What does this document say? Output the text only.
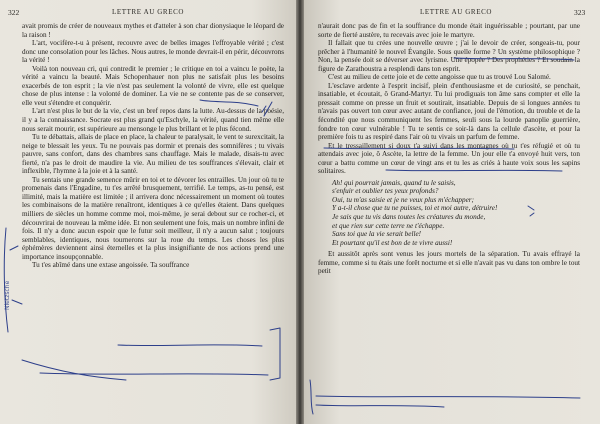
322	LETTRE AU GRECO

avait promis de créer de nouveaux mythes et d'atteler à son char dionysiaque le léopard de la raison !

L'art, vocifère-t-u à présent, recouvre avec de belles images l'effroyable vérité ; c'est donc une consolation pour les lâches. Nous autres, le monde devrait-il en périr, découvrons la vérité !

Voilà ton nouveau cri, qui contredit le premier ; le critique en toi a vaincu le poète, la vérité a vaincu la beauté. Mais Schopenhauer non plus ne satisfait plus les besoins exacerbés de ton esprit ; la vie n'est pas seulement la volonté de vivre, elle est quelque chose de plus intense : la volonté de dominer. La vie ne se contente pas de se conserver, elle veut s'étendre et conquérir.

L'art n'est plus le but de la vie, c'est un bref repos dans la lutte. Au-dessus de la poésie, il y a la connaissance. Socrate est plus grand qu'Eschyle, la vérité, quand tien même elle nous serait mourir, est supérieure au mensonge le plus brillant et le plus fécond.

Tu te débattais, allais de place en place, la chaleur te paralysait, le vent te surexcitait, la neige te blessait les yeux. Tu ne pouvais pas dormir et prenais des somnifères ; tu vivais pauvre, sans confort, dans des chambres sans chauffage. Mais le malade, disais-tu avec fierté, n'a pas le droit de maudire la vie. Au milieu de tes souffrances s'élevait, clair et inflexible, l'hymne à la joie et à la santé.

Tu sentais une grande semence mûrir en toi et te dévorer les entrailles. Un jour où tu te promenais dans l'Engadine, tu t'es arrêté brusquement, terrifié. Le temps, as-tu pensé, est illimité, mais la matière est limitée ; il arrivera donc nécessairement un moment où toutes les combinaisons de la matière renaîtront, identiques à ce qu'elles étaient. Dans quelques milliers de siècles un homme comme moi, moi-même, je serai debout sur ce rocher-ci, et découvrirai de nouveau la même idée. Et non seulement une fois, mais un nombre infini de fois. Il n'y a donc aucun espoir que le futur soit meilleur, il n'y a aucun salut ; toujours semblables, identiques, nous tournerons sur la roue du temps. Les choses les plus éphémères deviennent ainsi éternelles et la plus insignifiante de nos actions prend une importance insoupçonnable.

Tu t'es abîmé dans une extase angoissée. Ta souffrance

Nietzsche
LETTRE AU GRECO	323

n'aurait donc pas de fin et la souffrance du monde était inguérissable ; pourtant, par une sorte de fierté austère, tu recevais avec joie le martyre.

Il fallait que tu crées une nouvelle œuvre ; j'ai le devoir de créer, songeais-tu, pour prêcher à l'humanité le nouvel Évangile. Sous quelle forme ? Un système philosophique ? Non, la pensée doit se déverser avec lyrisme. Une épopée ? Des prophéties ? Et soudain la figure de Zarathoustra a resplendi dans ton esprit.

C'est au milieu de cette joie et de cette angoisse que tu as trouvé Lou Salomé.

L'esclave ardente à l'esprit incisif, plein d'enthousiasme et de curiosité, se penchait, insatiable, et écoutait, ô Grand-Martyr. Tu lui prodiguais ton âme sans compter et elle la pressait comme on presse un fruit et soutirait, insatiable. Depuis de si longues années tu n'avais pas ouvert ton cœur avec autant de confiance, joui de l'émotion, du trouble et de la fécondité que nous communiquent les femmes, seuli sous la lourde panoplie guerrière, fondre ton cœur vulnérable ! Tu te sentis ce soir-là dans la cellule d'ascète, et pour la première fois tu as respiré dans l'air où tu vivais un parfum de femme.

Et le tressaillement si doux t'a suivi dans les montagnes où tu t'es réfugié et où tu attendais avec joie, ô Ascète, la lettre de la femme. Un jour elle t'a envoyé huit vers, ton cœur a battu comme un cœur de vingt ans et tu les as criés à haute voix sous les sapins solitaires.

Ah! qui pourrait jamais, quand tu le saisis,
s'enfuir et oublier tes yeux profonds?
Oui, tu m'as saisie et je ne veux plus m'échapper;
Y a-t-il chose que tu ne puisses, toi et moi autre, détruire!
Je sais que tu vis dans toutes les créatures du monde,
et que rien sur cette terre ne t'échappe.
Sans toi que la vie serait belle!
Et pourtant qu'il est bon de te vivre aussi!

Et aussitôt après sont venus les jours mortels de la séparation. Tu avais effrayé la femme, comme si tu étais une forêt nocturne et si elle n'avait pas vu dans ton ombre le tout petit
